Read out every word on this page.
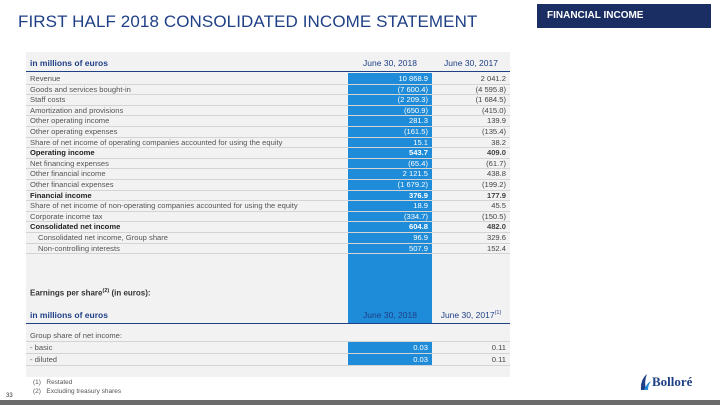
FIRST HALF 2018 CONSOLIDATED INCOME STATEMENT	FINANCIAL INCOME
in millions of euros	June 30, 2018	June 30, 2017
Revenue	10 868.9	2 041.2
Goods and services bought-in	(7 600.4)	(4 595.8)
Staff costs	(2 209.3)	(1 684.5)
Amortization and provisions	(650.9)	(415.0)
Other operating income	281.3	139.9
Other operating expenses	(161.5)	(135.4)
Share of net income of operating companies accounted for using the equity	15.1	38.2
Operating income	543.7	409.0
Net financing expenses	(65.4)	(61.7)
Other financial income	2 121.5	438.8
Other financial expenses	(1 679.2)	(199.2)
Financial income	376.9	177.9
Share of net income of non-operating companies accounted for using the equity	18.9	45.5
Corporate income tax	(334.7)	(150.5)
Consolidated net income	604.8	482.0
Consolidated net income, Group share	96.9	329.6
Non-controlling interests	507.9	152.4
Earnings per share$^{(2)}$ (in euros):
in millions of euros	June 30, 2018	June 30, 2017$^{(1)}$
Group share of net income:
- basic	0.03	0.11
- diluted	0.03	0.11
(1) Restated
(2) Excluding treasury shares
33
Bolloré
